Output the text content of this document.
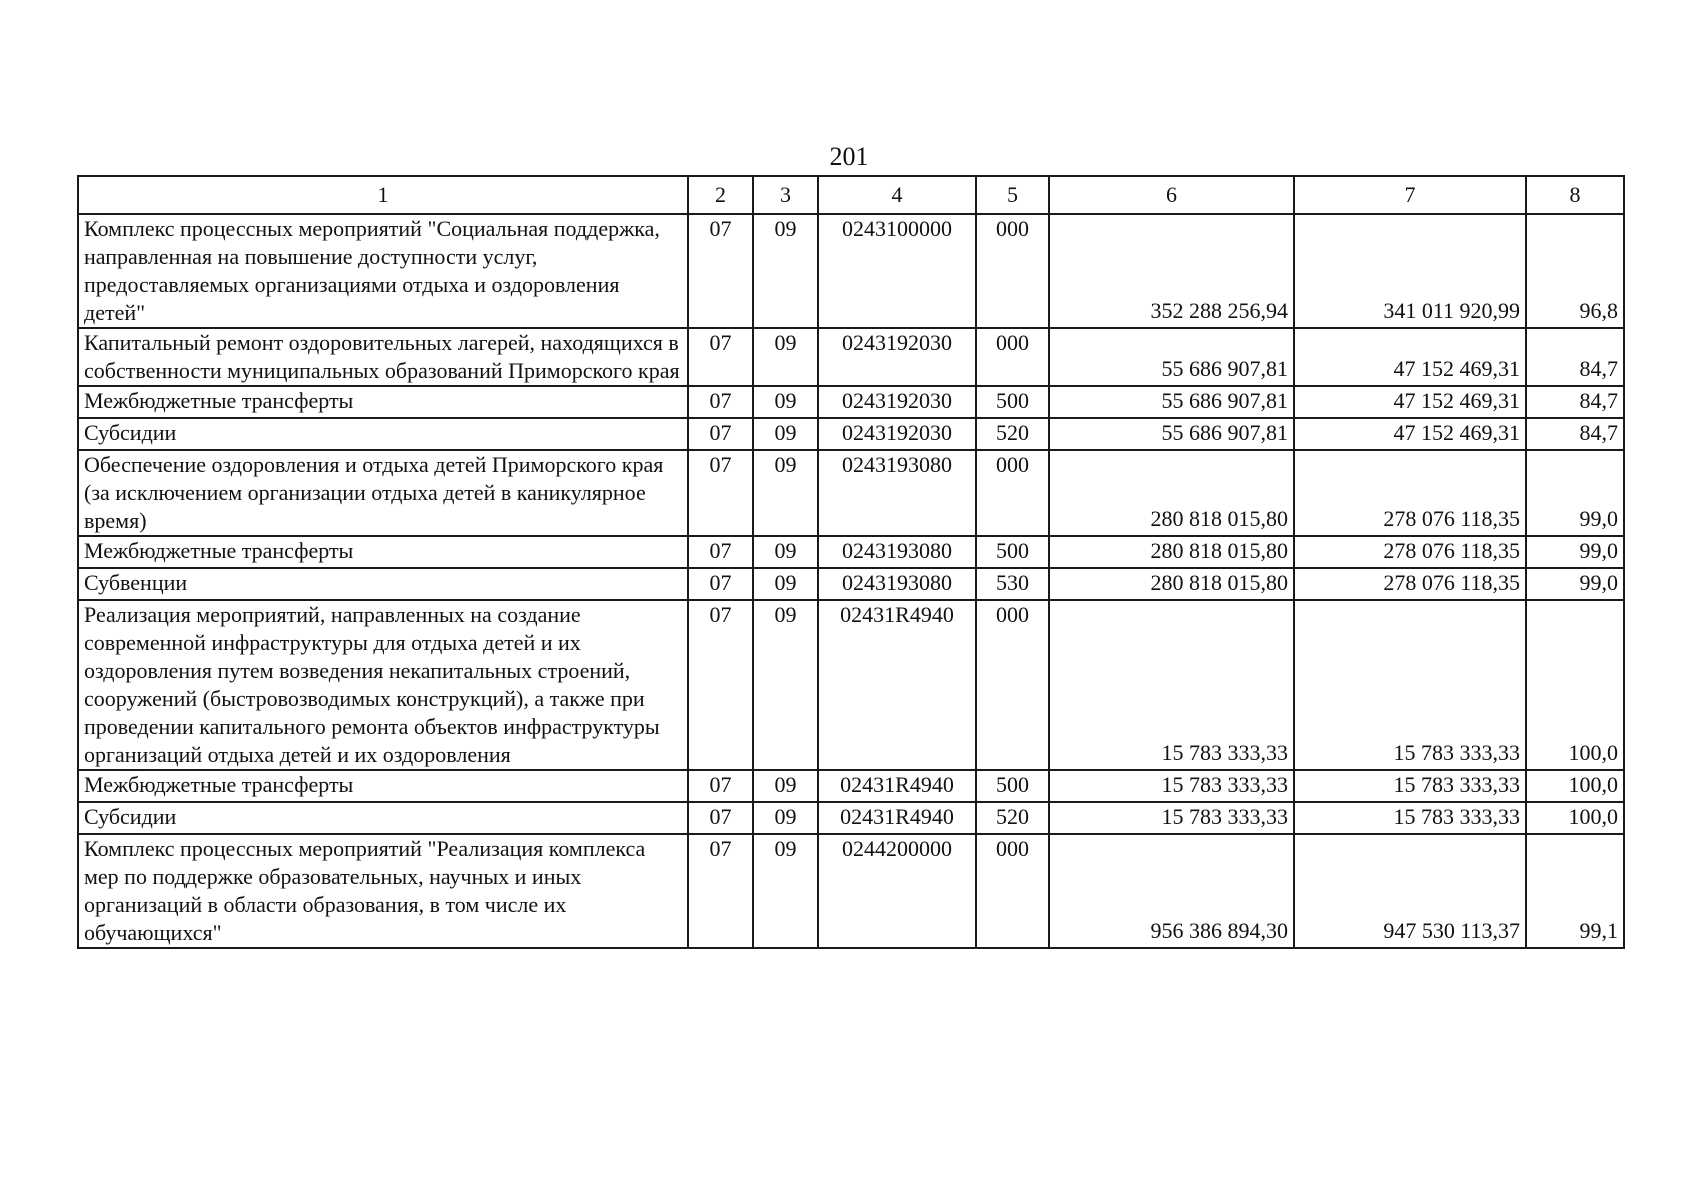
201
1	2	3	4	5	6	7	8
Комплекс процессных мероприятий "Социальная поддержка, направленная на повышение доступности услуг, предоставляемых организациями отдыха и оздоровления детей"	07	09	0243100000	000	352 288 256,94	341 011 920,99	96,8
Капитальный ремонт оздоровительных лагерей, находящихся в собственности муниципальных образований Приморского края	07	09	0243192030	000	55 686 907,81	47 152 469,31	84,7
Межбюджетные трансферты	07	09	0243192030	500	55 686 907,81	47 152 469,31	84,7
Субсидии	07	09	0243192030	520	55 686 907,81	47 152 469,31	84,7
Обеспечение оздоровления и отдыха детей Приморского края (за исключением организации отдыха детей в каникулярное время)	07	09	0243193080	000	280 818 015,80	278 076 118,35	99,0
Межбюджетные трансферты	07	09	0243193080	500	280 818 015,80	278 076 118,35	99,0
Субвенции	07	09	0243193080	530	280 818 015,80	278 076 118,35	99,0
Реализация мероприятий, направленных на создание современной инфраструктуры для отдыха детей и их оздоровления путем возведения некапитальных строений, сооружений (быстровозводимых конструкций), а также при проведении капитального ремонта объектов инфраструктуры организаций отдыха детей и их оздоровления	07	09	02431R4940	000	15 783 333,33	15 783 333,33	100,0
Межбюджетные трансферты	07	09	02431R4940	500	15 783 333,33	15 783 333,33	100,0
Субсидии	07	09	02431R4940	520	15 783 333,33	15 783 333,33	100,0
Комплекс процессных мероприятий "Реализация комплекса мер по поддержке образовательных, научных и иных организаций в области образования, в том числе их обучающихся"	07	09	0244200000	000	956 386 894,30	947 530 113,37	99,1
